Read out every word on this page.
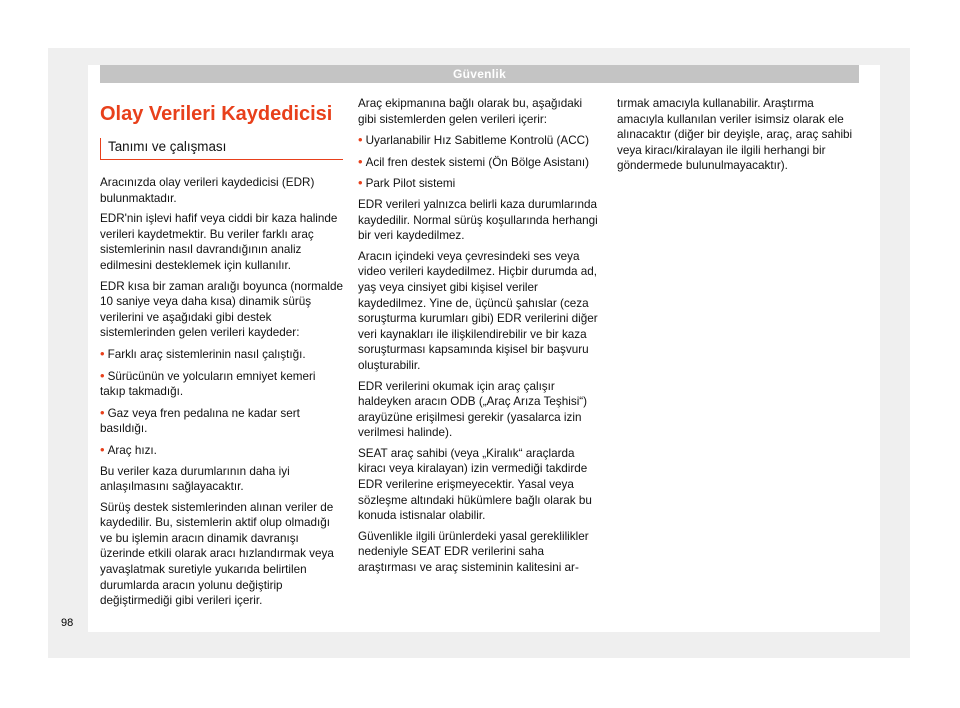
Güvenlik
Olay Verileri Kaydedicisi
Tanımı ve çalışması

Aracınızda olay verileri kaydedicisi (EDR) bulunmaktadır.

EDR'nin işlevi hafif veya ciddi bir kaza halinde verileri kaydetmektir. Bu veriler farklı araç sistemlerinin nasıl davrandığının analiz edilmesini desteklemek için kullanılır.

EDR kısa bir zaman aralığı boyunca (normalde 10 saniye veya daha kısa) dinamik sürüş verilerini ve aşağıdaki gibi destek sistemlerinden gelen verileri kaydeder:

• Farklı araç sistemlerinin nasıl çalıştığı.
• Sürücünün ve yolcuların emniyet kemeri takıp takmadığı.
• Gaz veya fren pedalına ne kadar sert basıldığı.
• Araç hızı.

Bu veriler kaza durumlarının daha iyi anlaşılmasını sağlayacaktır.

Sürüş destek sistemlerinden alınan veriler de kaydedilir. Bu, sistemlerin aktif olup olmadığı ve bu işlemin aracın dinamik davranışı üzerinde etkili olarak aracı hızlandırmak veya yavaşlatmak suretiyle yukarıda belirtilen durumlarda aracın yolunu değiştirip değiştirmediği gibi verileri içerir.

Araç ekipmanına bağlı olarak bu, aşağıdaki gibi sistemlerden gelen verileri içerir:

• Uyarlanabilir Hız Sabitleme Kontrolü (ACC)
• Acil fren destek sistemi (Ön Bölge Asistanı)
• Park Pilot sistemi

EDR verileri yalnızca belirli kaza durumlarında kaydedilir. Normal sürüş koşullarında herhangi bir veri kaydedilmez.

Aracın içindeki veya çevresindeki ses veya video verileri kaydedilmez. Hiçbir durumda ad, yaş veya cinsiyet gibi kişisel veriler kaydedilmez. Yine de, üçüncü şahıslar (ceza soruşturma kurumları gibi) EDR verilerini diğer veri kaynakları ile ilişkilendirebilir ve bir kaza soruşturması kapsamında kişisel bir başvuru oluşturabilir.

EDR verilerini okumak için araç çalışır haldeyken aracın ODB („Araç Arıza Teşhisi“) arayüzüne erişilmesi gerekir (yasalarca izin verilmesi halinde).

SEAT araç sahibi (veya „Kiralık“ araçlarda kiracı veya kiralayan) izin vermediği takdirde EDR verilerine erişmeyecektir. Yasal veya sözleşme altındaki hükümlere bağlı olarak bu konuda istisnalar olabilir.

Güvenlikle ilgili ürünlerdeki yasal gereklilikler nedeniyle SEAT EDR verilerini saha araştırması ve araç sisteminin kalitesini ar-

tırmak amacıyla kullanabilir. Araştırma amacıyla kullanılan veriler isimsiz olarak ele alınacaktır (diğer bir deyişle, araç, araç sahibi veya kiracı/kiralayan ile ilgili herhangi bir göndermede bulunulmayacaktır).

98
